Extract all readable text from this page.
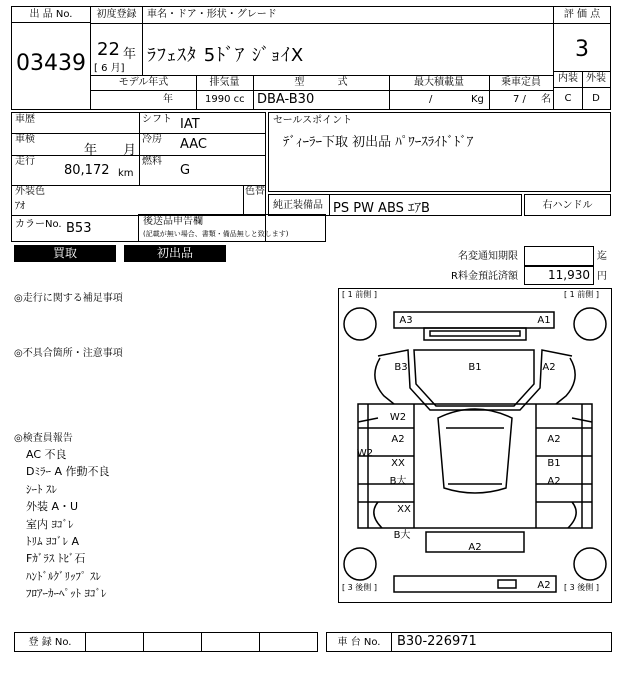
出 品 No.
03439
初度登録
22 年
[ 6 月]
車名・ドア・形状・グレード
ﾗﾌｪｽﾀ 5ﾄﾞｱ ｼﾞｮｲX
評 価 点
3
内装 外装
C	D
モデル年式	排気量	型 式	最大積載量	乗車定員
年	1990 cc DBA-B30	/	Kg	7 / 名
車歴	シフト IAT
車検
年 月
冷房 AAC
走行
80,172 km
燃料
G
外装色
ｱｵ
色替
カラーNo. B53	後送品申告欄
(記載が無い場合、書類・備品無しと致します)
セールスポイント
ﾃﾞｨｰﾗｰ下取 初出品 ﾊﾟﾜｰｽﾗｲﾄﾞﾄﾞｱ
純正装備品 PS PW ABS ｴｱB	右ハンドル
買取	初出品	名変通知期限	迄
R料金預託済額	11,930 円
◎走行に関する補足事項
◎不具合箇所・注意事項
◎検査員報告
AC 不良
Dﾐﾗｰ A 作動不良
ｼｰﾄ ｽﾚ
外装 A・U
室内 ﾖｺﾞﾚ
ﾄﾘﾑ ﾖｺﾞﾚ A
Fｶﾞﾗｽ ﾄﾋﾞ石
ﾊﾝﾄﾞﾙｸﾞﾘｯﾌﾟ ｽﾚ
ﾌﾛｱｰｶｰﾍﾟｯﾄ ﾖｺﾞﾚ
[ 1 前側 ]	[ 1 前側 ]
[ 3 後側 ]	[ 3 後側 ]
A3	A1
B3	B1	A2
W2
W2
A2
XX
B大
A2
B1
A2
XX
B大
A2
A2
登 録 No.	車 台 No.	B30-226971
